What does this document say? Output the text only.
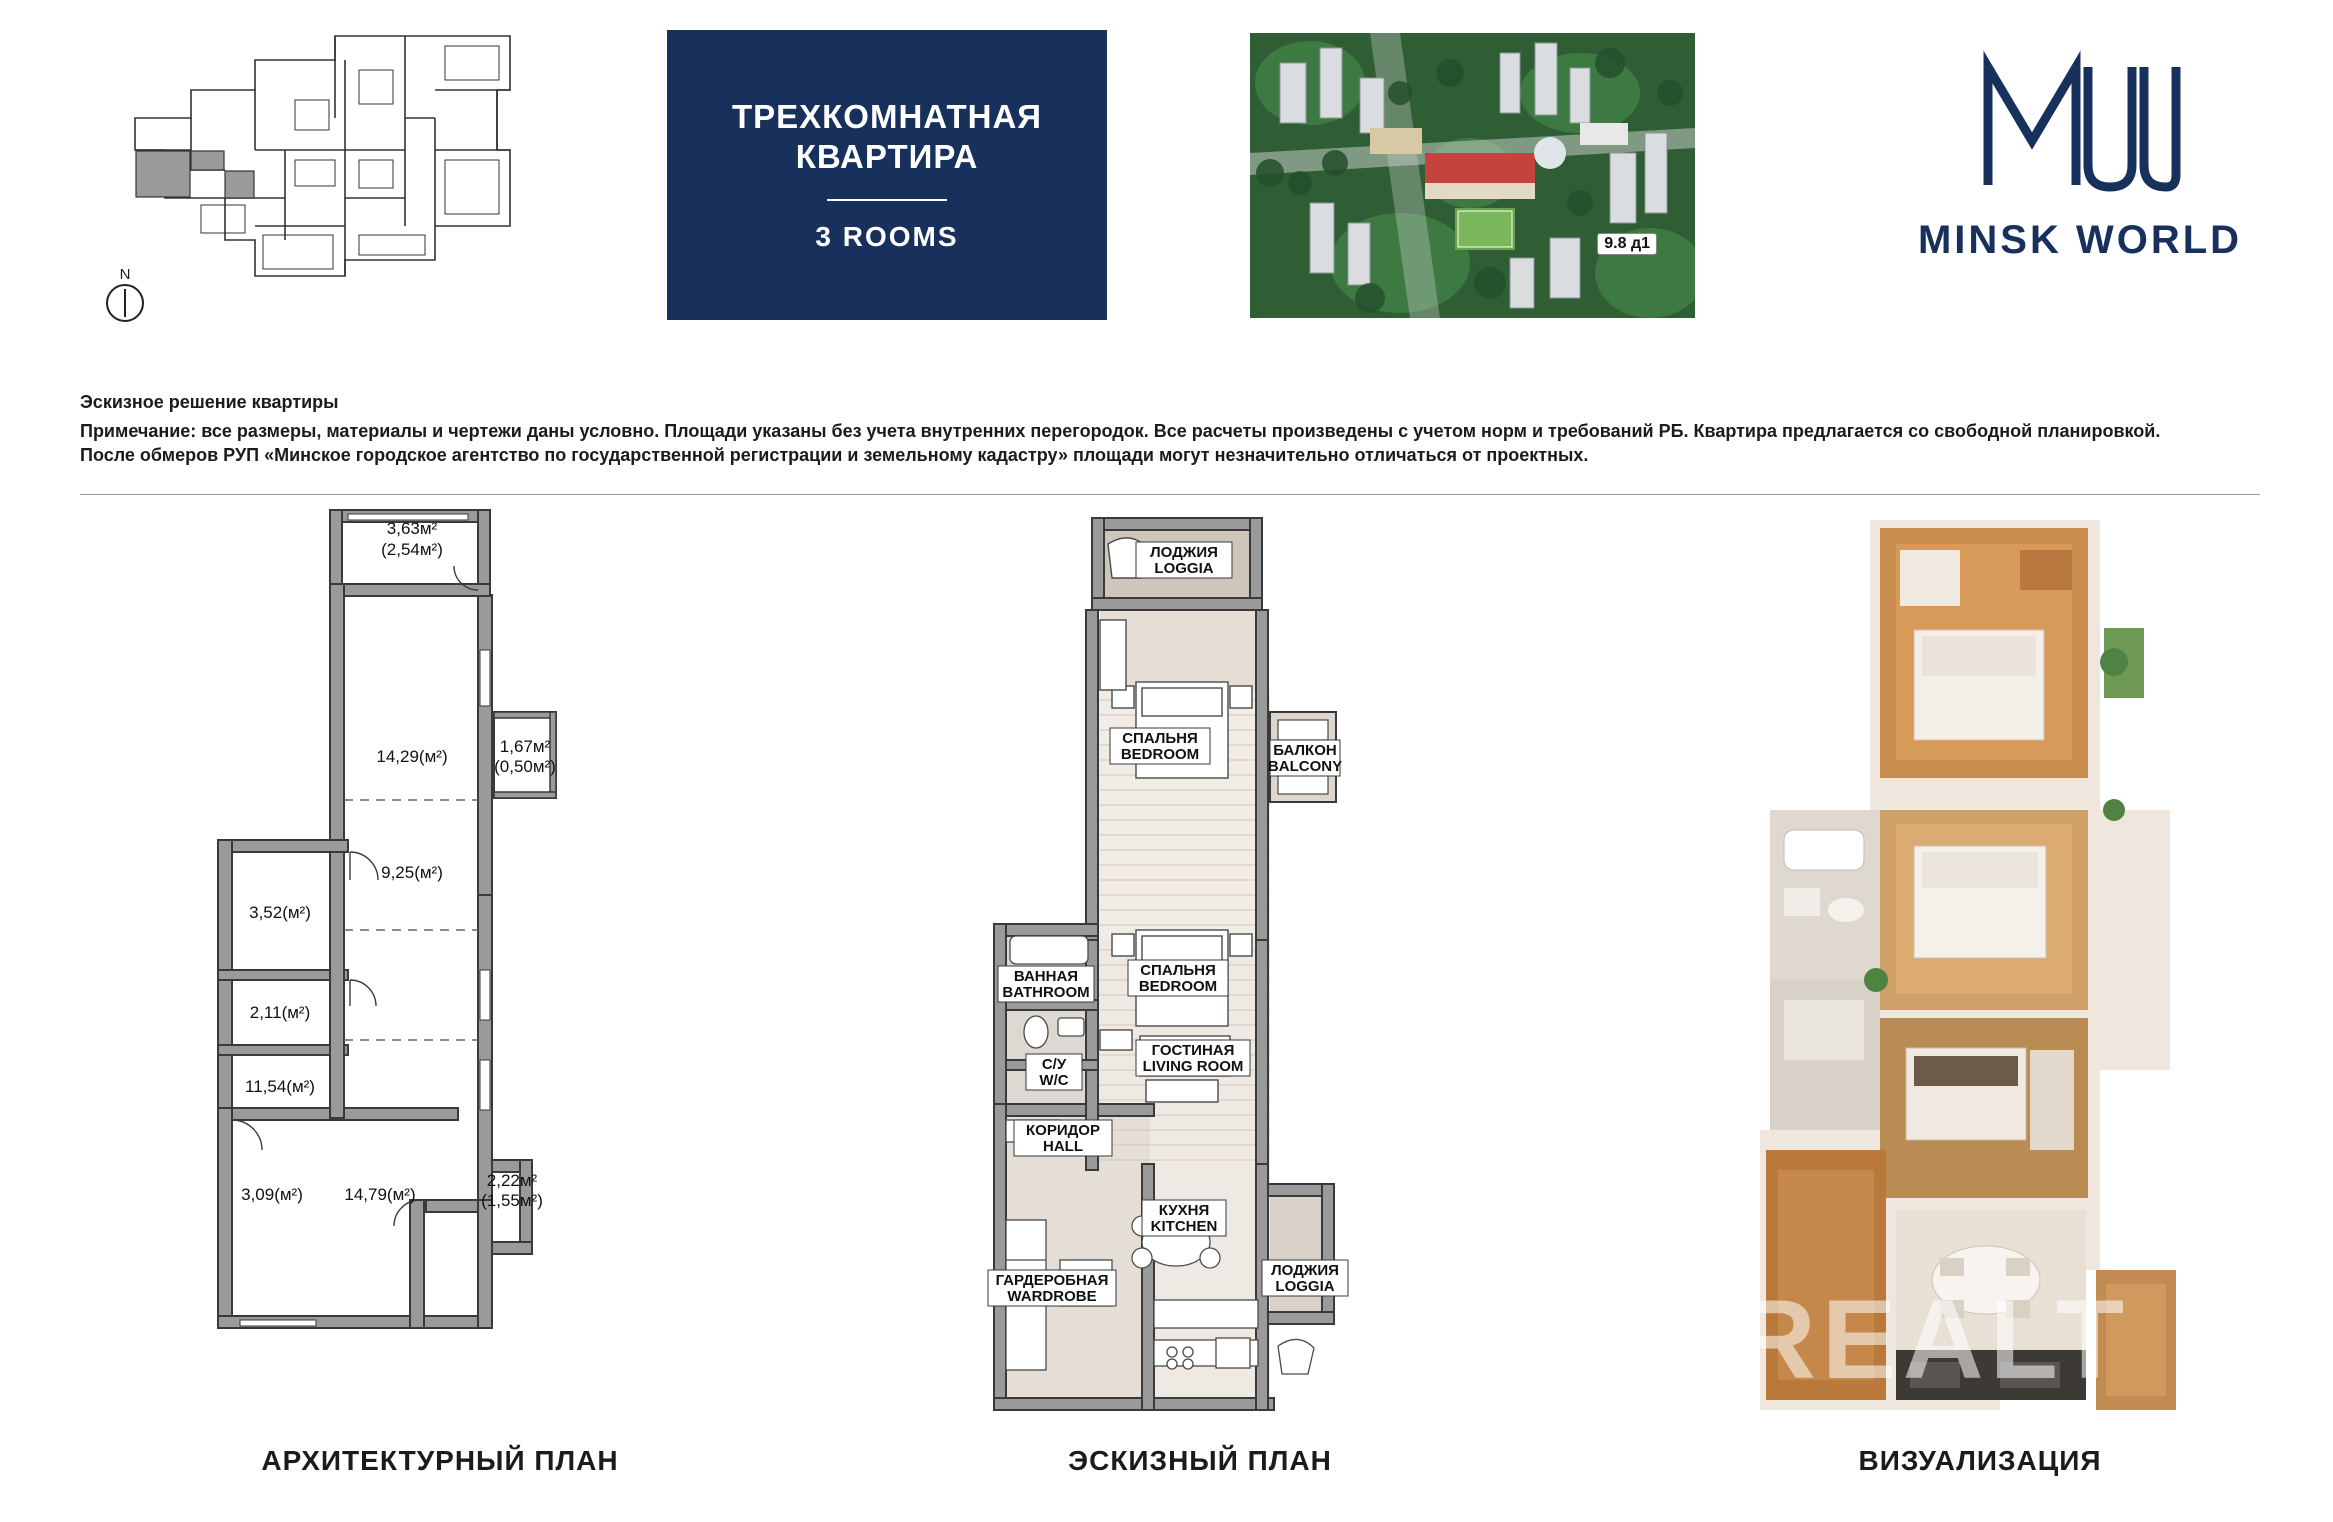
N
ТРЕХКОМНАТНАЯ КВАРТИРА
3 ROOMS	9.8 д1	MINSK WORLD
Эскизное решение квартиры

Примечание: все размеры, материалы и чертежи даны условно. Площади указаны без учета внутренних перегородок. Все расчеты произведены с учетом норм и требований РБ. Квартира предлагается со свободной планировкой.

После обмеров РУП «Минское городское агентство по государственной регистрации и земельному кадастру» площади могут незначительно отличаться от проектных.

3,63м²
(2,54м²)
14,29(м²)
1,67м²
(0,50м²)
9,25(м²)
3,52(м²)
2,11(м²)
11,54(м²)
3,09(м²) 14,79(м²)
2,22м²
(1,55м²)
АРХИТЕКТУРНЫЙ ПЛАН
ЛОДЖИЯ
LOGGIA
СПАЛЬНЯ
BEDROOM	БАЛКОН
BALCONY
СПАЛЬНЯ
BEDROOM
ВАННАЯ
BATHROOM
С/У
W/C
ГОСТИНАЯ
LIVING ROOM
КОРИДОР
HALL
КУХНЯ
KITCHEN
ГАРДЕРОБНАЯ
WARDROBE
ЛОДЖИЯ
LOGGIA
ЭСКИЗНЫЙ ПЛАН
REALT
ВИЗУАЛИЗАЦИЯ
